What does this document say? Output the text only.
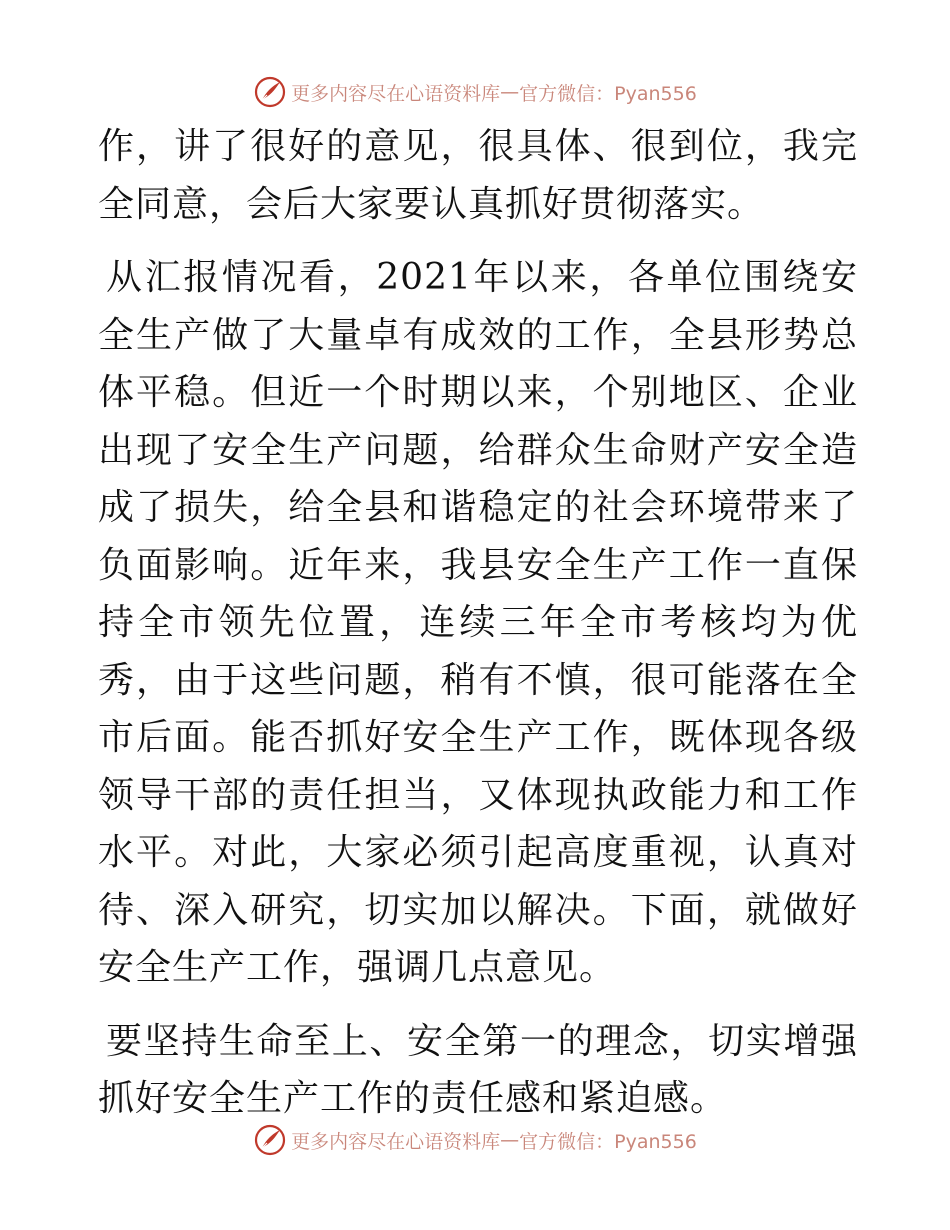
更多内容尽在心语资料库 — 官方微信：Pyan556

作，讲了很好的意见，很具体、很到位，我完全同意，会后大家要认真抓好贯彻落实。

从汇报情况看，2021年以来，各单位围绕安全生产做了大量卓有成效的工作，全县形势总体平稳。但近一个时期以来，个别地区、企业出现了安全生产问题，给群众生命财产安全造成了损失，给全县和谐稳定的社会环境带来了负面影响。近年来，我县安全生产工作一直保持全市领先位置，连续三年全市考核均为优秀，由于这些问题，稍有不慎，很可能落在全市后面。能否抓好安全生产工作，既体现各级领导干部的责任担当，又体现执政能力和工作水平。对此，大家必须引起高度重视，认真对待、深入研究，切实加以解决。下面，就做好安全生产工作，强调几点意见。

要坚持生命至上、安全第一的理念，切实增强抓好安全生产工作的责任感和紧迫感。

更多内容尽在心语资料库 — 官方微信：Pyan556
